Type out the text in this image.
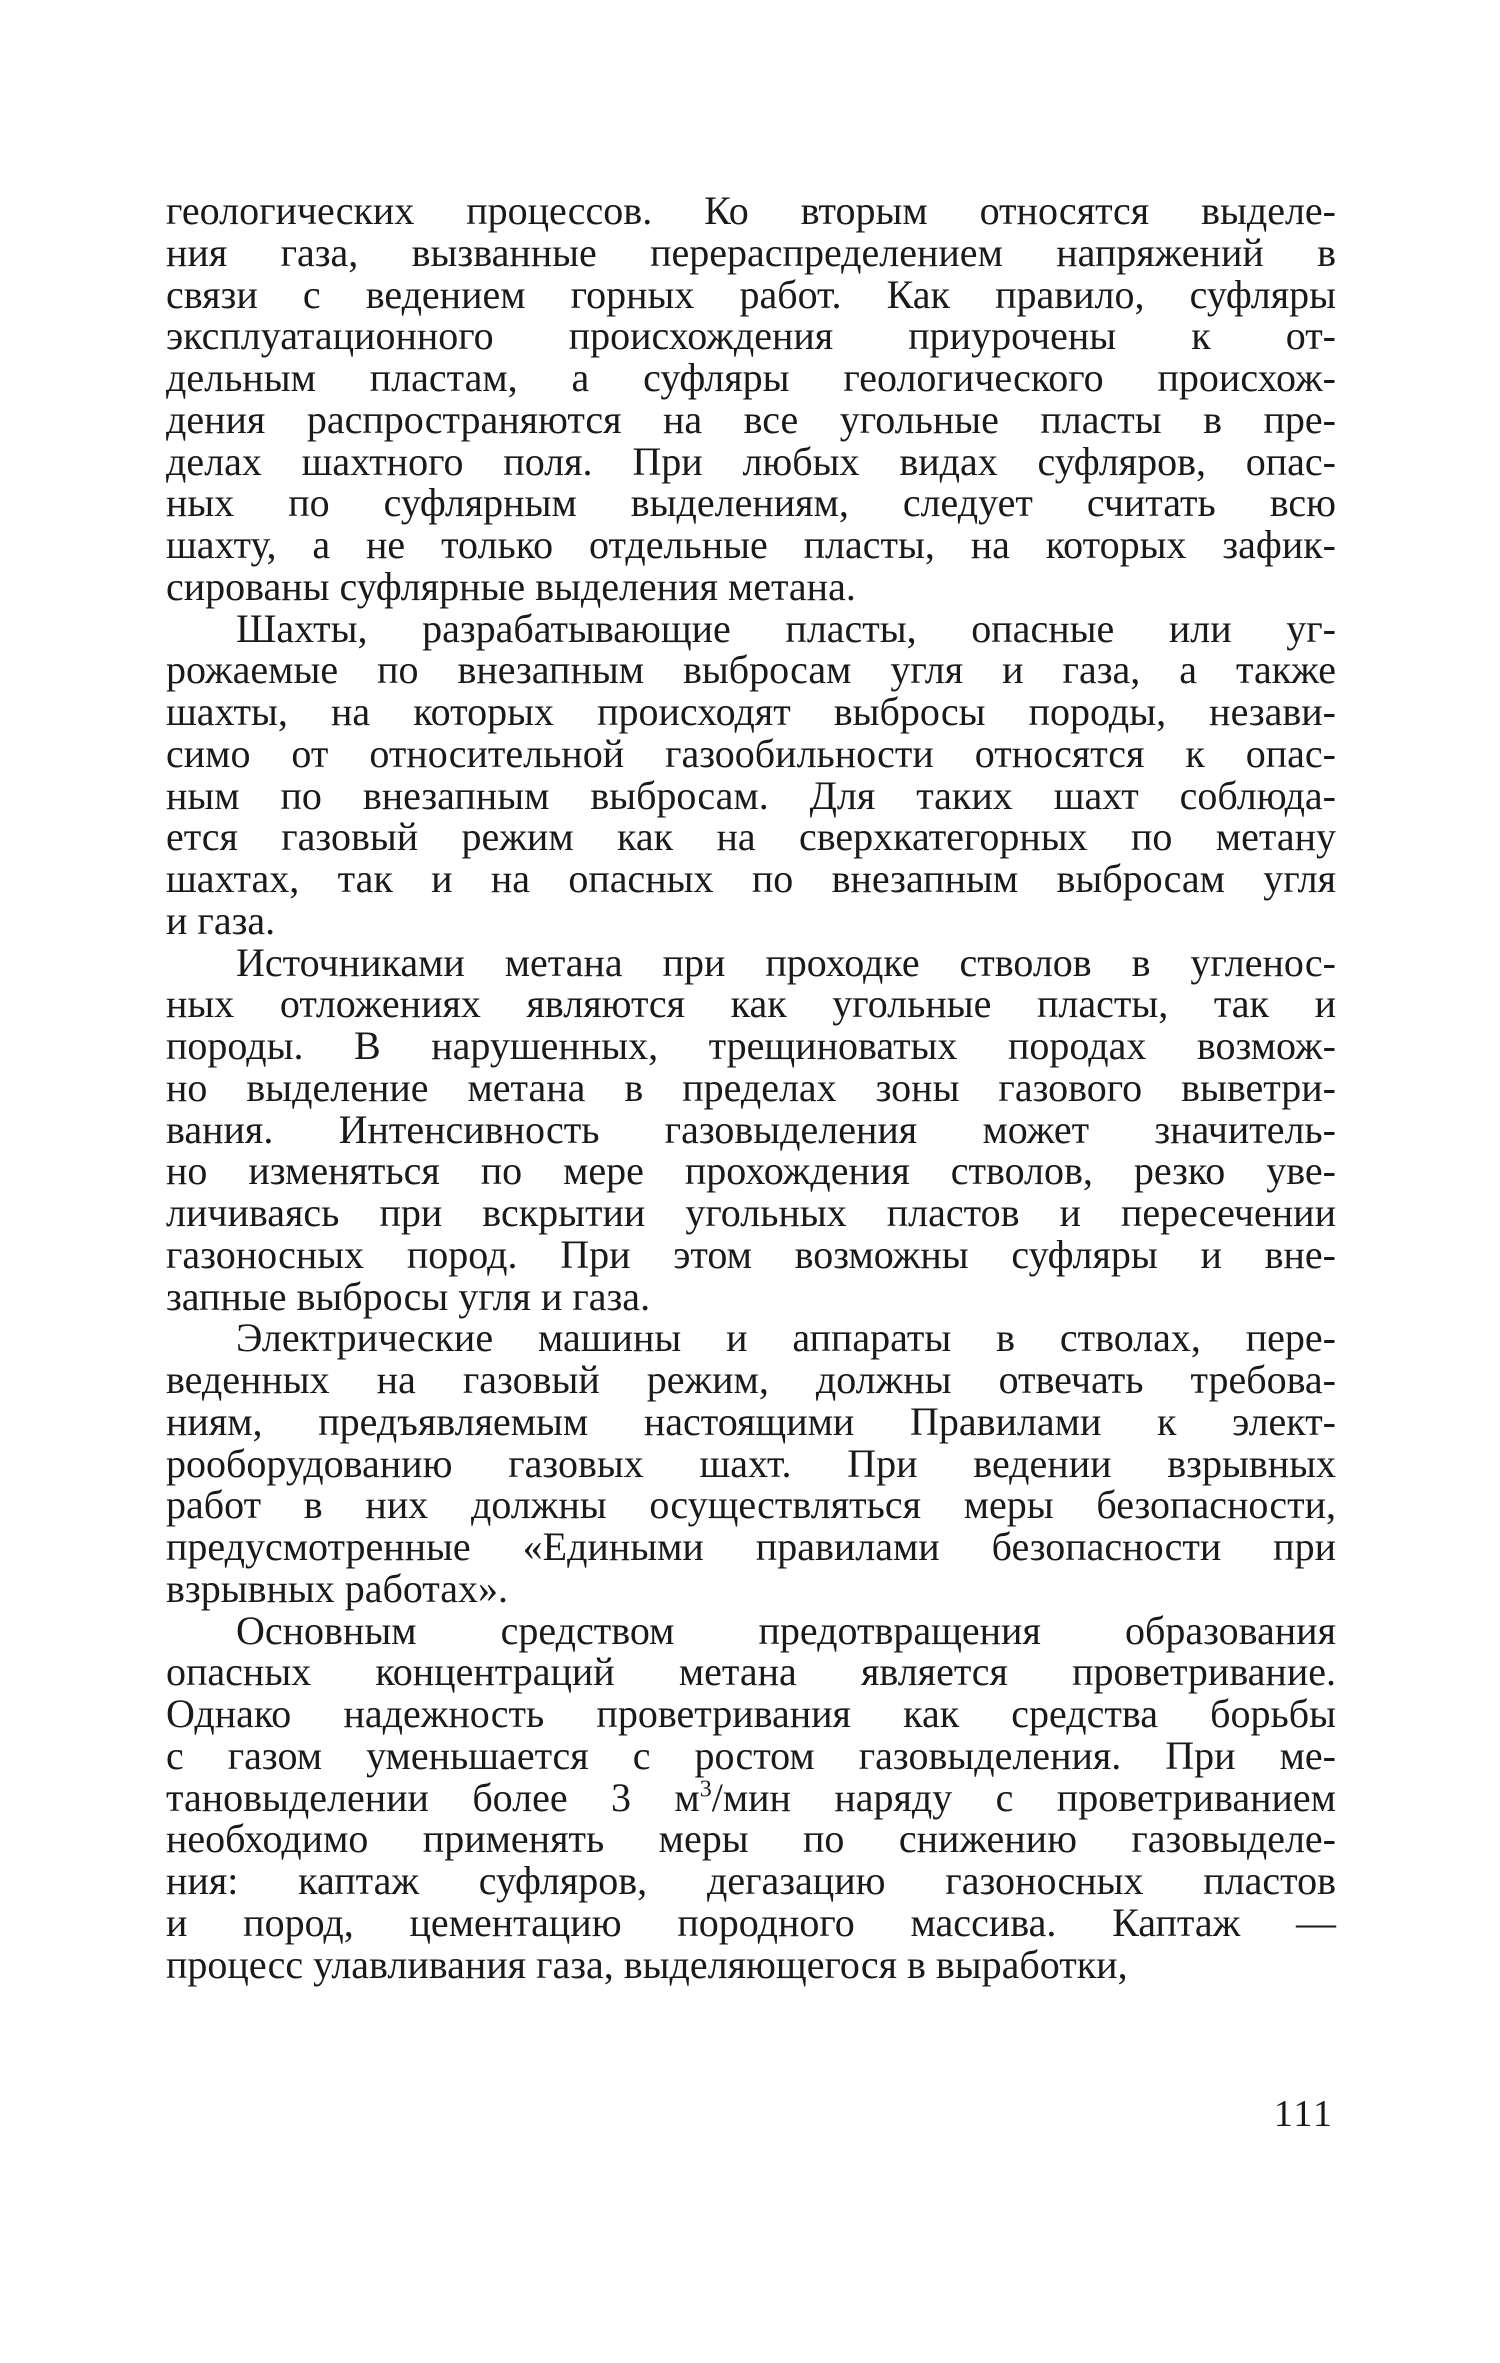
геологических процессов. Ко вторым относятся выделе-
ния газа, вызванные перераспределением напряжений в
связи с ведением горных работ. Как правило, суфляры
эксплуатационного происхождения приурочены к от-
дельным пластам, а суфляры геологического происхож-
дения распространяются на все угольные пласты в пре-
делах шахтного поля. При любых видах суфляров, опас-
ных по суфлярным выделениям, следует считать всю
шахту, а не только отдельные пласты, на которых зафик-
сированы суфлярные выделения метана.
Шахты, разрабатывающие пласты, опасные или уг-
рожаемые по внезапным выбросам угля и газа, а также
шахты, на которых происходят выбросы породы, незави-
симо от относительной газообильности относятся к опас-
ным по внезапным выбросам. Для таких шахт соблюда-
ется газовый режим как на сверхкатегорных по метану
шахтах, так и на опасных по внезапным выбросам угля
и газа.
Источниками метана при проходке стволов в угленос-
ных отложениях являются как угольные пласты, так и
породы. В нарушенных, трещиноватых породах возмож-
но выделение метана в пределах зоны газового выветри-
вания. Интенсивность газовыделения может значитель-
но изменяться по мере прохождения стволов, резко уве-
личиваясь при вскрытии угольных пластов и пересечении
газоносных пород. При этом возможны суфляры и вне-
запные выбросы угля и газа.
Электрические машины и аппараты в стволах, пере-
веденных на газовый режим, должны отвечать требова-
ниям, предъявляемым настоящими Правилами к элект-
рооборудованию газовых шахт. При ведении взрывных
работ в них должны осуществляться меры безопасности,
предусмотренные «Едиными правилами безопасности при
взрывных работах».
Основным средством предотвращения образования
опасных концентраций метана является проветривание.
Однако надежность проветривания как средства борьбы
с газом уменьшается с ростом газовыделения. При ме-
тановыделении более 3 $м^3$/мин наряду с проветриванием
необходимо применять меры по снижению газовыделе-
ния: каптаж суфляров, дегазацию газоносных пластов
и пород, цементацию породного массива. Каптаж —
процесс улавливания газа, выделяющегося в выработки,
111
